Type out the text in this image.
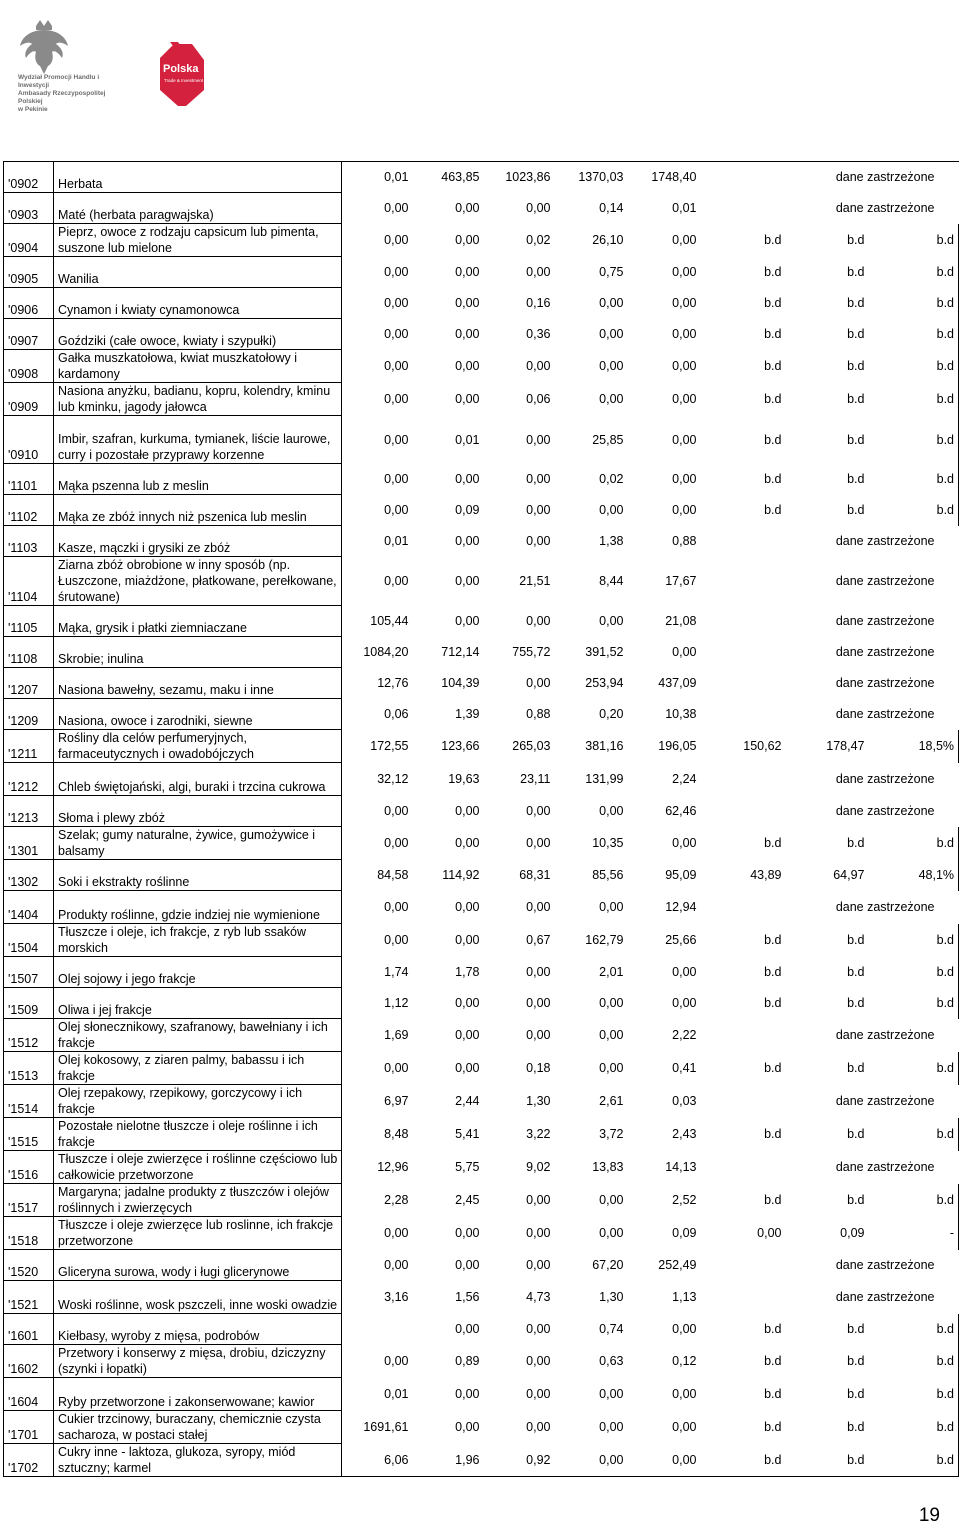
Wydział Promocji Handlu i Inwestycji
Ambasady Rzeczypospolitej Polskiej
w Pekinie
Polska
Trade & Investment
'0902	Herbata	0,01	463,85	1023,86	1370,03	1748,40	dane zastrzeżone		
'0903	Maté (herbata paragwajska)	0,00	0,00	0,00	0,14	0,01	dane zastrzeżone		
'0904	Pieprz, owoce z rodzaju capsicum lub pimenta, suszone lub mielone	0,00	0,00	0,02	26,10	0,00	b.d	b.d	b.d
'0905	Wanilia	0,00	0,00	0,00	0,75	0,00	b.d	b.d	b.d
'0906	Cynamon i kwiaty cynamonowca	0,00	0,00	0,16	0,00	0,00	b.d	b.d	b.d
'0907	Goździki (całe owoce, kwiaty i szypułki)	0,00	0,00	0,36	0,00	0,00	b.d	b.d	b.d
'0908	Gałka muszkatołowa, kwiat muszkatołowy i kardamony	0,00	0,00	0,00	0,00	0,00	b.d	b.d	b.d
'0909	Nasiona anyżku, badianu, kopru, kolendry, kminu lub kminku, jagody jałowca	0,00	0,00	0,06	0,00	0,00	b.d	b.d	b.d
'0910	Imbir, szafran, kurkuma, tymianek, liście laurowe, curry i pozostałe przyprawy korzenne	0,00	0,01	0,00	25,85	0,00	b.d	b.d	b.d
'1101	Mąka pszenna lub z meslin	0,00	0,00	0,00	0,02	0,00	b.d	b.d	b.d
'1102	Mąka ze zbóż innych niż pszenica lub meslin	0,00	0,09	0,00	0,00	0,00	b.d	b.d	b.d
'1103	Kasze, mączki i grysiki ze zbóż	0,01	0,00	0,00	1,38	0,88	dane zastrzeżone		
'1104	Ziarna zbóż obrobione w inny sposób (np. Łuszczone, miażdżone, płatkowane, perełkowane, śrutowane)	0,00	0,00	21,51	8,44	17,67	dane zastrzeżone		
'1105	Mąka, grysik i płatki ziemniaczane	105,44	0,00	0,00	0,00	21,08	dane zastrzeżone		
'1108	Skrobie; inulina	1084,20	712,14	755,72	391,52	0,00	dane zastrzeżone		
'1207	Nasiona bawełny, sezamu, maku i inne	12,76	104,39	0,00	253,94	437,09	dane zastrzeżone		
'1209	Nasiona, owoce i zarodniki, siewne	0,06	1,39	0,88	0,20	10,38	dane zastrzeżone		
'1211	Rośliny dla celów perfumeryjnych, farmaceutycznych i owadobójczych	172,55	123,66	265,03	381,16	196,05	150,62	178,47	18,5%
'1212	Chleb świętojański, algi, buraki i trzcina cukrowa	32,12	19,63	23,11	131,99	2,24	dane zastrzeżone		
'1213	Słoma i plewy zbóż	0,00	0,00	0,00	0,00	62,46	dane zastrzeżone		
'1301	Szelak; gumy naturalne, żywice, gumożywice i balsamy	0,00	0,00	0,00	10,35	0,00	b.d	b.d	b.d
'1302	Soki i ekstrakty roślinne	84,58	114,92	68,31	85,56	95,09	43,89	64,97	48,1%
'1404	Produkty roślinne, gdzie indziej nie wymienione	0,00	0,00	0,00	0,00	12,94	dane zastrzeżone		
'1504	Tłuszcze i oleje, ich frakcje, z ryb lub ssaków morskich	0,00	0,00	0,67	162,79	25,66	b.d	b.d	b.d
'1507	Olej sojowy i jego frakcje	1,74	1,78	0,00	2,01	0,00	b.d	b.d	b.d
'1509	Oliwa i jej frakcje	1,12	0,00	0,00	0,00	0,00	b.d	b.d	b.d
'1512	Olej słonecznikowy, szafranowy, bawełniany i ich frakcje	1,69	0,00	0,00	0,00	2,22	dane zastrzeżone		
'1513	Olej kokosowy, z ziaren palmy, babassu i ich frakcje	0,00	0,00	0,18	0,00	0,41	b.d	b.d	b.d
'1514	Olej rzepakowy, rzepikowy, gorczycowy i ich frakcje	6,97	2,44	1,30	2,61	0,03	dane zastrzeżone		
'1515	Pozostałe nielotne tłuszcze i oleje roślinne i ich frakcje	8,48	5,41	3,22	3,72	2,43	b.d	b.d	b.d
'1516	Tłuszcze i oleje zwierzęce i roślinne częściowo lub całkowicie przetworzone	12,96	5,75	9,02	13,83	14,13	dane zastrzeżone		
'1517	Margaryna; jadalne produkty z tłuszczów i olejów roślinnych i zwierzęcych	2,28	2,45	0,00	0,00	2,52	b.d	b.d	b.d
'1518	Tłuszcze i oleje zwierzęce lub roslinne, ich frakcje przetworzone	0,00	0,00	0,00	0,00	0,09	0,00	0,09	-
'1520	Gliceryna surowa, wody i ługi glicerynowe	0,00	0,00	0,00	67,20	252,49	dane zastrzeżone		
'1521	Woski roślinne, wosk pszczeli, inne woski owadzie	3,16	1,56	4,73	1,30	1,13	dane zastrzeżone		
'1601	Kiełbasy, wyroby z mięsa, podrobów		0,00	0,00	0,74	0,00	b.d	b.d	b.d
'1602	Przetwory i konserwy z mięsa, drobiu, dziczyzny (szynki i łopatki)	0,00	0,89	0,00	0,63	0,12	b.d	b.d	b.d
'1604	Ryby przetworzone i zakonserwowane; kawior	0,01	0,00	0,00	0,00	0,00	b.d	b.d	b.d
'1701	Cukier trzcinowy, buraczany, chemicznie czysta sacharoza, w postaci stałej	1691,61	0,00	0,00	0,00	0,00	b.d	b.d	b.d
'1702	Cukry inne - laktoza, glukoza, syropy, miód sztuczny; karmel	6,06	1,96	0,92	0,00	0,00	b.d	b.d	b.d
19
